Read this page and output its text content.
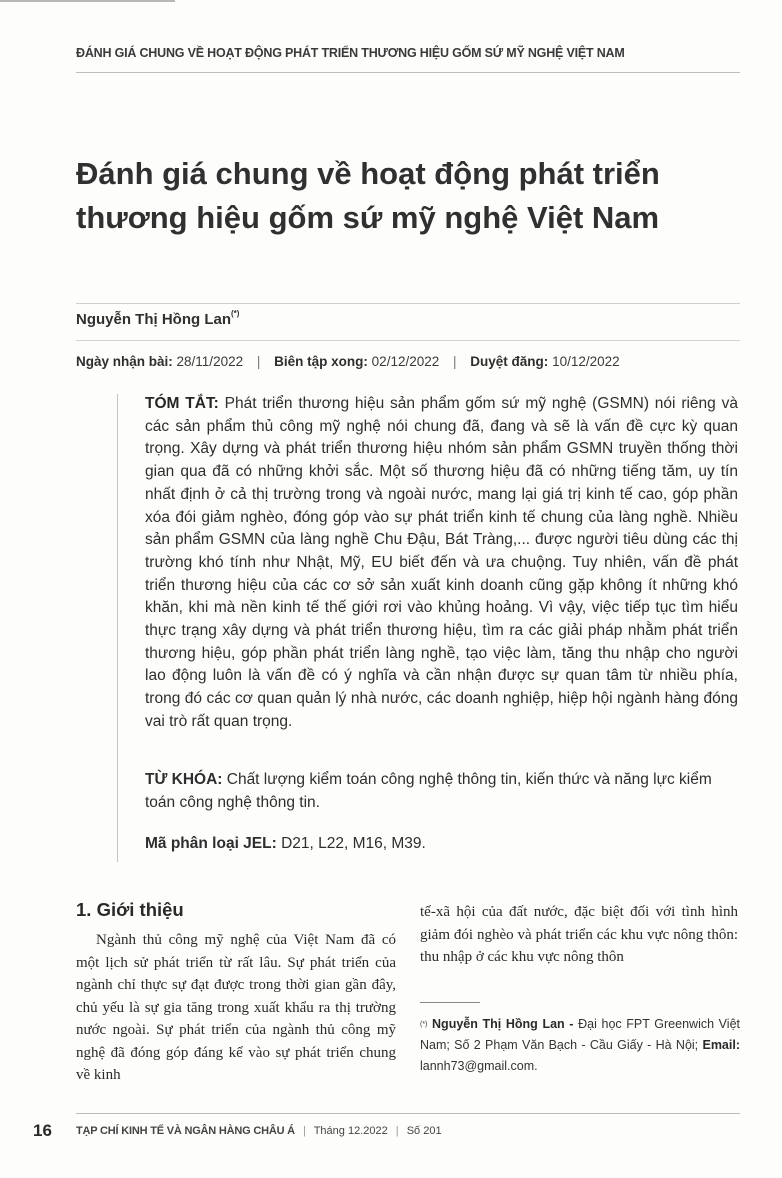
ĐÁNH GIÁ CHUNG VỀ HOẠT ĐỘNG PHÁT TRIỂN THƯƠNG HIỆU GỐM SỨ MỸ NGHỆ VIỆT NAM
Đánh giá chung về hoạt động phát triển thương hiệu gốm sứ mỹ nghệ Việt Nam
Nguyễn Thị Hồng Lan(*)
Ngày nhận bài: 28/11/2022 | Biên tập xong: 02/12/2022 | Duyệt đăng: 10/12/2022

TÓM TẮT: Phát triển thương hiệu sản phẩm gốm sứ mỹ nghệ (GSMN) nói riêng và các sản phẩm thủ công mỹ nghệ nói chung đã, đang và sẽ là vấn đề cực kỳ quan trọng. Xây dựng và phát triển thương hiệu nhóm sản phẩm GSMN truyền thống thời gian qua đã có những khởi sắc. Một số thương hiệu đã có những tiếng tăm, uy tín nhất định ở cả thị trường trong và ngoài nước, mang lại giá trị kinh tế cao, góp phần xóa đói giảm nghèo, đóng góp vào sự phát triển kinh tế chung của làng nghề. Nhiều sản phẩm GSMN của làng nghề Chu Đậu, Bát Tràng,... được người tiêu dùng các thị trường khó tính như Nhật, Mỹ, EU biết đến và ưa chuộng. Tuy nhiên, vấn đề phát triển thương hiệu của các cơ sở sản xuất kinh doanh cũng gặp không ít những khó khăn, khi mà nền kinh tế thế giới rơi vào khủng hoảng. Vì vậy, việc tiếp tục tìm hiểu thực trạng xây dựng và phát triển thương hiệu, tìm ra các giải pháp nhằm phát triển thương hiệu, góp phần phát triển làng nghề, tạo việc làm, tăng thu nhập cho người lao động luôn là vấn đề có ý nghĩa và cần nhận được sự quan tâm từ nhiều phía, trong đó các cơ quan quản lý nhà nước, các doanh nghiệp, hiệp hội ngành hàng đóng vai trò rất quan trọng.

TỪ KHÓA: Chất lượng kiểm toán công nghệ thông tin, kiến thức và năng lực kiểm toán công nghệ thông tin.

Mã phân loại JEL: D21, L22, M16, M39.

1. Giới thiệu

Ngành thủ công mỹ nghệ của Việt Nam đã có một lịch sử phát triển từ rất lâu. Sự phát triển của ngành chỉ thực sự đạt được trong thời gian gần đây, chủ yếu là sự gia tăng trong xuất khẩu ra thị trường nước ngoài. Sự phát triển của ngành thủ công mỹ nghệ đã đóng góp đáng kể vào sự phát triển chung về kinh

tế-xã hội của đất nước, đặc biệt đối với tình hình giảm đói nghèo và phát triển các khu vực nông thôn: thu nhập ở các khu vực nông thôn

(*) Nguyễn Thị Hồng Lan - Đại học FPT Greenwich Việt Nam; Số 2 Phạm Văn Bạch - Cầu Giấy - Hà Nội; Email: lannh73@gmail.com.

16 TẠP CHÍ KINH TẾ VÀ NGÂN HÀNG CHÂU Á | Tháng 12.2022 | Số 201
